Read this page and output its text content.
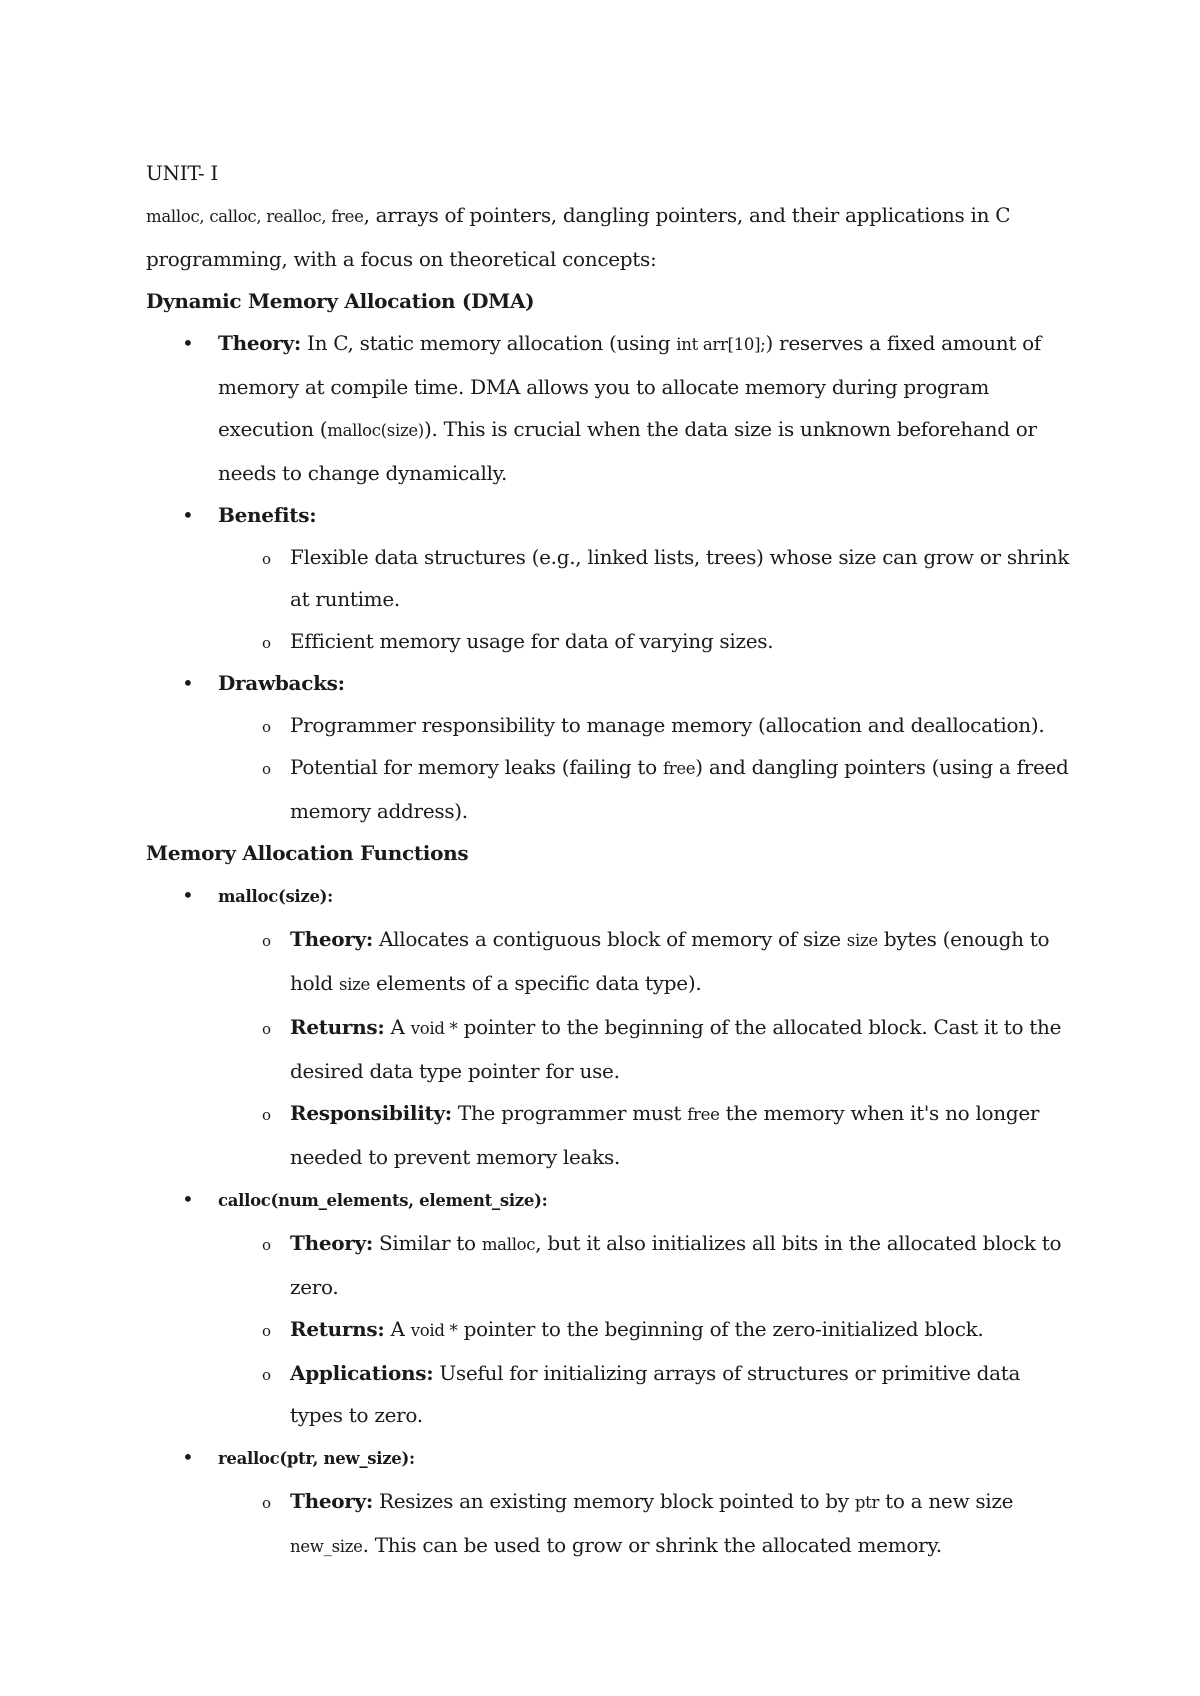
UNIT- I

malloc, calloc, realloc, free, arrays of pointers, dangling pointers, and their applications in C programming, with a focus on theoretical concepts:

Dynamic Memory Allocation (DMA)

• Theory: In C, static memory allocation (using int arr[10];) reserves a fixed amount of memory at compile time. DMA allows you to allocate memory during program execution (malloc(size)). This is crucial when the data size is unknown beforehand or needs to change dynamically.
• Benefits:
o Flexible data structures (e.g., linked lists, trees) whose size can grow or shrink at runtime.
o Efficient memory usage for data of varying sizes.
• Drawbacks:
o Programmer responsibility to manage memory (allocation and deallocation).
o Potential for memory leaks (failing to free) and dangling pointers (using a freed memory address).

Memory Allocation Functions

• malloc(size):
o Theory: Allocates a contiguous block of memory of size size bytes (enough to hold size elements of a specific data type).
o Returns: A void * pointer to the beginning of the allocated block. Cast it to the desired data type pointer for use.
o Responsibility: The programmer must free the memory when it's no longer needed to prevent memory leaks.
• calloc(num_elements, element_size):
o Theory: Similar to malloc, but it also initializes all bits in the allocated block to zero.
o Returns: A void * pointer to the beginning of the zero-initialized block.
o Applications: Useful for initializing arrays of structures or primitive data types to zero.
• realloc(ptr, new_size):
o Theory: Resizes an existing memory block pointed to by ptr to a new size new_size. This can be used to grow or shrink the allocated memory.
